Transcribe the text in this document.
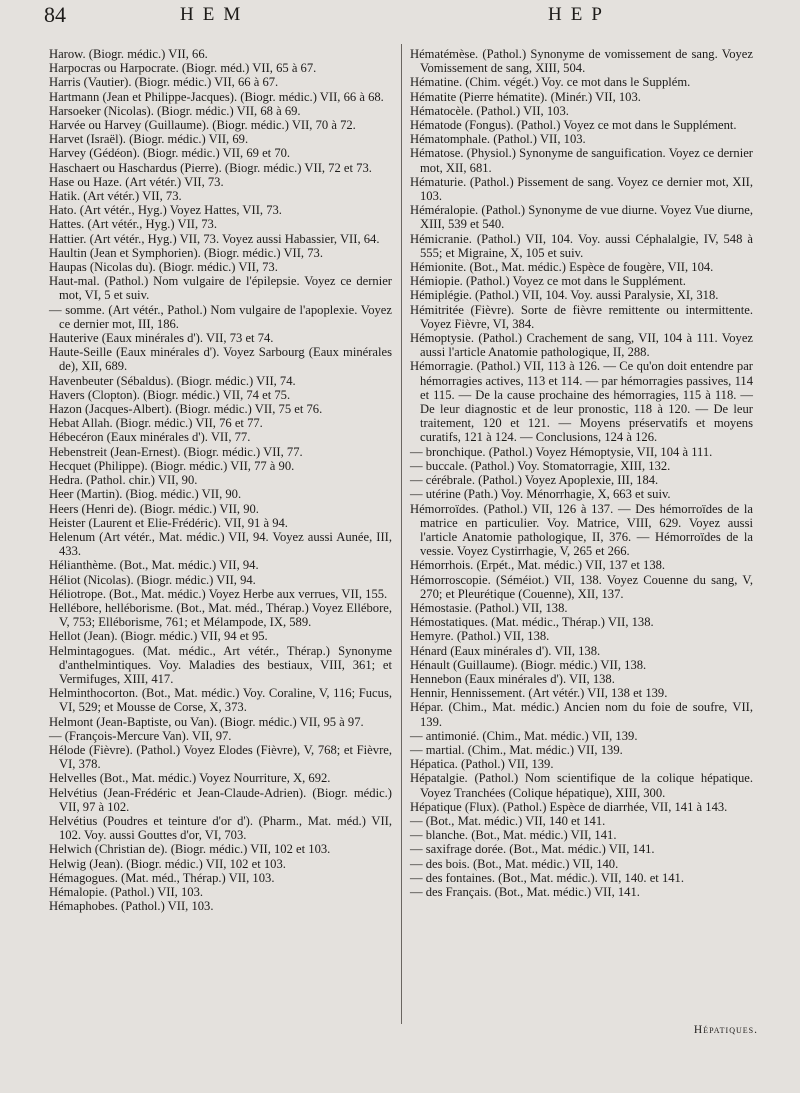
84	HEM	HEP

Harow. (Biogr. médic.) VII, 66.

Harpocras ou Harpocrate. (Biogr. méd.) VII, 65 à 67.

Harris (Vautier). (Biogr. médic.) VII, 66 à 67.

Hartmann (Jean et Philippe-Jacques). (Biogr. médic.) VII, 66 à 68.

Harsoeker (Nicolas). (Biogr. médic.) VII, 68 à 69.

Harvée ou Harvey (Guillaume). (Biogr. médic.) VII, 70 à 72.

Harvet (Israël). (Biogr. médic.) VII, 69.

Harvey (Gédéon). (Biogr. médic.) VII, 69 et 70.

Haschaert ou Haschardus (Pierre). (Biogr. médic.) VII, 72 et 73.

Hase ou Haze. (Art vétér.) VII, 73.

Hatik. (Art vétér.) VII, 73.

Hato. (Art vétér., Hyg.) Voyez Hattes, VII, 73.

Hattes. (Art vétér., Hyg.) VII, 73.

Hattier. (Art vétér., Hyg.) VII, 73. Voyez aussi Habassier, VII, 64.

Haultin (Jean et Symphorien). (Biogr. médic.) VII, 73.

Haupas (Nicolas du). (Biogr. médic.) VII, 73.

Haut-mal. (Pathol.) Nom vulgaire de l'épilepsie. Voyez ce dernier mot, VI, 5 et suiv.

— somme. (Art vétér., Pathol.) Nom vulgaire de l'apoplexie. Voyez ce dernier mot, III, 186.

Hauterive (Eaux minérales d'). VII, 73 et 74.

Haute-Seille (Eaux minérales d'). Voyez Sarbourg (Eaux minérales de), XII, 689.

Havenbeuter (Sébaldus). (Biogr. médic.) VII, 74.

Havers (Clopton). (Biogr. médic.) VII, 74 et 75.

Hazon (Jacques-Albert). (Biogr. médic.) VII, 75 et 76.

Hebat Allah. (Biogr. médic.) VII, 76 et 77.

Hébecéron (Eaux minérales d'). VII, 77.

Hebenstreit (Jean-Ernest). (Biogr. médic.) VII, 77.

Hecquet (Philippe). (Biogr. médic.) VII, 77 à 90.

Hedra. (Pathol. chir.) VII, 90.

Heer (Martin). (Biog. médic.) VII, 90.

Heers (Henri de). (Biogr. médic.) VII, 90.

Heister (Laurent et Elie-Frédéric). VII, 91 à 94.

Helenum (Art vétér., Mat. médic.) VII, 94. Voyez aussi Aunée, III, 433.

Hélianthème. (Bot., Mat. médic.) VII, 94.

Héliot (Nicolas). (Biogr. médic.) VII, 94.

Héliotrope. (Bot., Mat. médic.) Voyez Herbe aux verrues, VII, 155.

Hellébore, helléborisme. (Bot., Mat. méd., Thérap.) Voyez Ellébore, V, 753; Elléborisme, 761; et Mélampode, IX, 589.

Hellot (Jean). (Biogr. médic.) VII, 94 et 95.

Helmintagogues. (Mat. médic., Art vétér., Thérap.) Synonyme d'anthelmintiques. Voy. Maladies des bestiaux, VIII, 361; et Vermifuges, XIII, 417.

Helminthocorton. (Bot., Mat. médic.) Voy. Coraline, V, 116; Fucus, VI, 529; et Mousse de Corse, X, 373.

Helmont (Jean-Baptiste, ou Van). (Biogr. médic.) VII, 95 à 97.

— (François-Mercure Van). VII, 97.

Hélode (Fièvre). (Pathol.) Voyez Elodes (Fièvre), V, 768; et Fièvre, VI, 378.

Helvelles (Bot., Mat. médic.) Voyez Nourriture, X, 692.

Helvétius (Jean-Frédéric et Jean-Claude-Adrien). (Biogr. médic.) VII, 97 à 102.

Helvétius (Poudres et teinture d'or d'). (Pharm., Mat. méd.) VII, 102. Voy. aussi Gouttes d'or, VI, 703.

Helwich (Christian de). (Biogr. médic.) VII, 102 et 103.

Helwig (Jean). (Biogr. médic.) VII, 102 et 103.

Hémagogues. (Mat. méd., Thérap.) VII, 103.

Hémalopie. (Pathol.) VII, 103.

Hémaphobes. (Pathol.) VII, 103.

Hématémèse. (Pathol.) Synonyme de vomissement de sang. Voyez Vomissement de sang, XIII, 504.

Hématine. (Chim. végét.) Voy. ce mot dans le Supplém.

Hématite (Pierre hématite). (Minér.) VII, 103.

Hématocèle. (Pathol.) VII, 103.

Hématode (Fongus). (Pathol.) Voyez ce mot dans le Supplément.

Hématomphale. (Pathol.) VII, 103.

Hématose. (Physiol.) Synonyme de sanguification. Voyez ce dernier mot, XII, 681.

Hématurie. (Pathol.) Pissement de sang. Voyez ce dernier mot, XII, 103.

Héméralopie. (Pathol.) Synonyme de vue diurne. Voyez Vue diurne, XIII, 539 et 540.

Hémicranie. (Pathol.) VII, 104. Voy. aussi Céphalalgie, IV, 548 à 555; et Migraine, X, 105 et suiv.

Hémionite. (Bot., Mat. médic.) Espèce de fougère, VII, 104.

Hémiopie. (Pathol.) Voyez ce mot dans le Supplément.

Hémiplégie. (Pathol.) VII, 104. Voy. aussi Paralysie, XI, 318.

Hémitritée (Fièvre). Sorte de fièvre remittente ou intermittente. Voyez Fièvre, VI, 384.

Hémoptysie. (Pathol.) Crachement de sang, VII, 104 à 111. Voyez aussi l'article Anatomie pathologique, II, 288.

Hémorragie. (Pathol.) VII, 113 à 126. — Ce qu'on doit entendre par hémorragies actives, 113 et 114. — par hémorragies passives, 114 et 115. — De la cause prochaine des hémorragies, 115 à 118. — De leur diagnostic et de leur pronostic, 118 à 120. — De leur traitement, 120 et 121. — Moyens préservatifs et moyens curatifs, 121 à 124. — Conclusions, 124 à 126.

— bronchique. (Pathol.) Voyez Hémoptysie, VII, 104 à 111.

— buccale. (Pathol.) Voy. Stomatorragie, XIII, 132.

— cérébrale. (Pathol.) Voyez Apoplexie, III, 184.

— utérine (Path.) Voy. Ménorrhagie, X, 663 et suiv.

Hémorroïdes. (Pathol.) VII, 126 à 137. — Des hémorroïdes de la matrice en particulier. Voy. Matrice, VIII, 629. Voyez aussi l'article Anatomie pathologique, II, 376. — Hémorroïdes de la vessie. Voyez Cystirrhagie, V, 265 et 266.

Hémorrhois. (Erpét., Mat. médic.) VII, 137 et 138.

Hémorroscopie. (Séméiot.) VII, 138. Voyez Couenne du sang, V, 270; et Pleurétique (Couenne), XII, 137.

Hémostasie. (Pathol.) VII, 138.

Hémostatiques. (Mat. médic., Thérap.) VII, 138.

Hemyre. (Pathol.) VII, 138.

Hénard (Eaux minérales d'). VII, 138.

Hénault (Guillaume). (Biogr. médic.) VII, 138.

Hennebon (Eaux minérales d'). VII, 138.

Hennir, Hennissement. (Art vétér.) VII, 138 et 139.

Hépar. (Chim., Mat. médic.) Ancien nom du foie de soufre, VII, 139.

— antimonié. (Chim., Mat. médic.) VII, 139.

— martial. (Chim., Mat. médic.) VII, 139.

Hépatica. (Pathol.) VII, 139.

Hépatalgie. (Pathol.) Nom scientifique de la colique hépatique. Voyez Tranchées (Colique hépatique), XIII, 300.

Hépatique (Flux). (Pathol.) Espèce de diarrhée, VII, 141 à 143.

— (Bot., Mat. médic.) VII, 140 et 141.

— blanche. (Bot., Mat. médic.) VII, 141.

— saxifrage dorée. (Bot., Mat. médic.) VII, 141.

— des bois. (Bot., Mat. médic.) VII, 140.

— des fontaines. (Bot., Mat. médic.). VII, 140. et 141.

— des Français. (Bot., Mat. médic.) VII, 141.

Hépatiques.
